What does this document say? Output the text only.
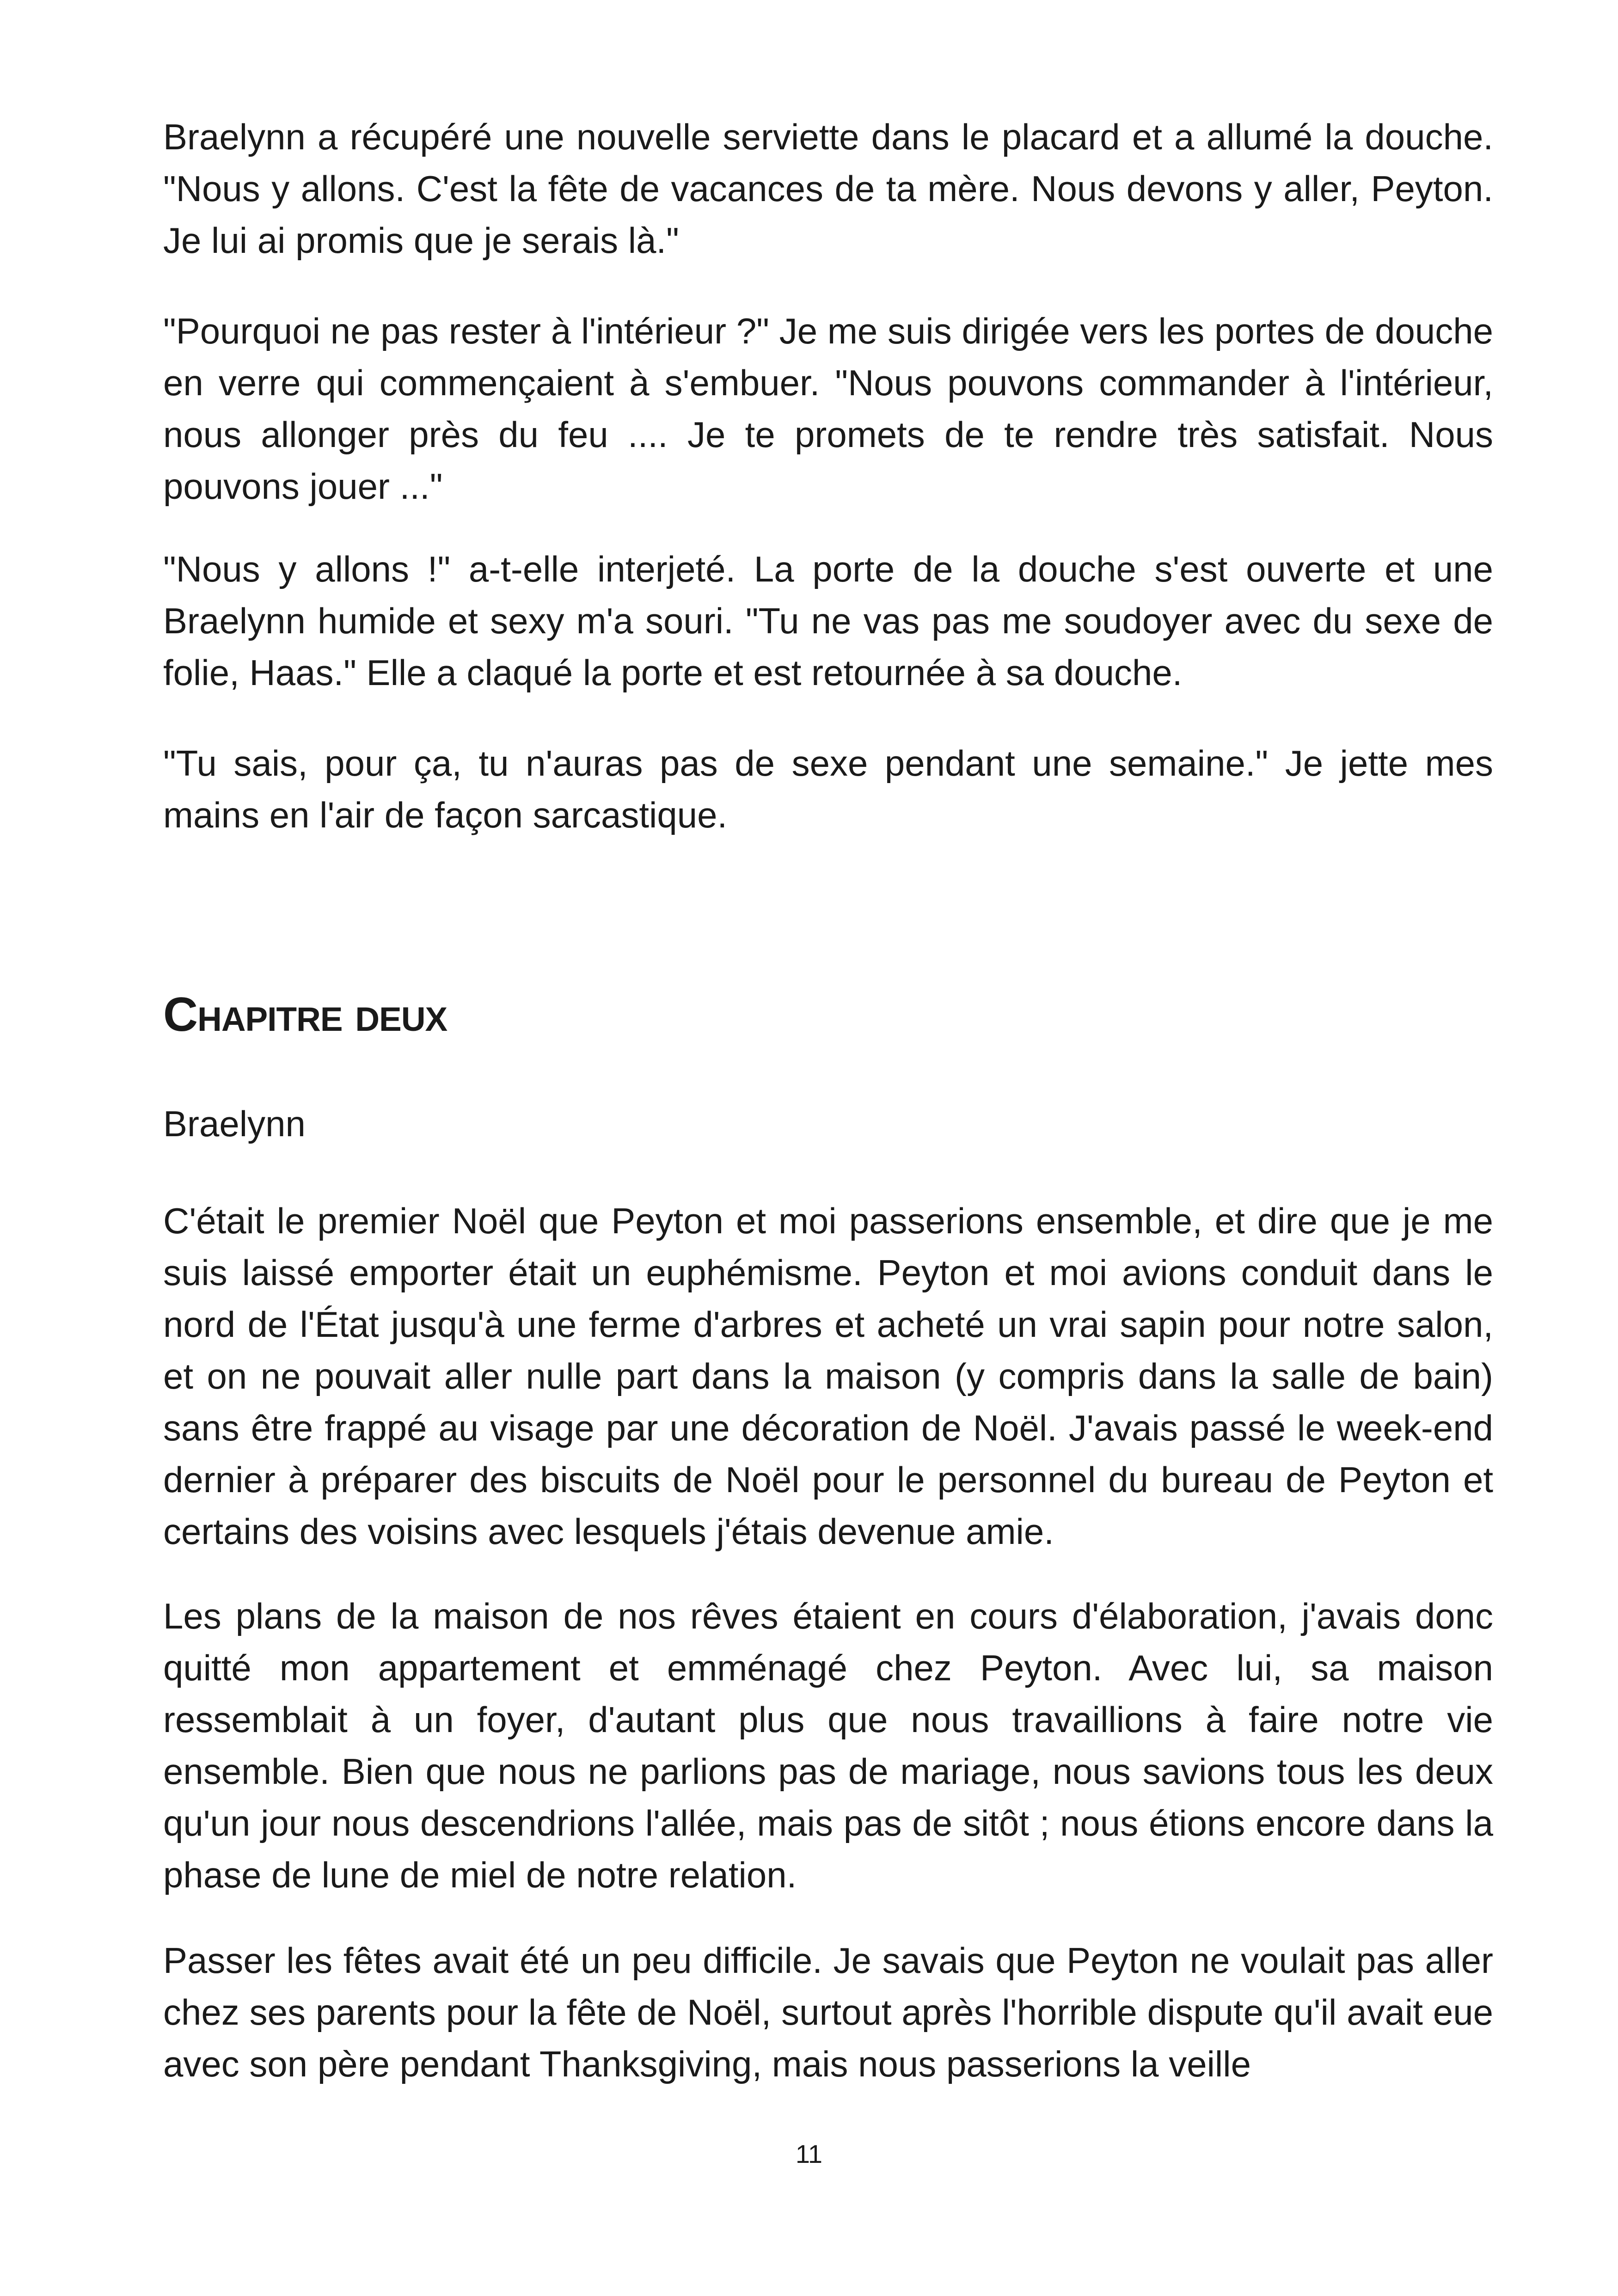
Braelynn a récupéré une nouvelle serviette dans le placard et a allumé la douche. "Nous y allons. C'est la fête de vacances de ta mère. Nous devons y aller, Peyton. Je lui ai promis que je serais là."

"Pourquoi ne pas rester à l'intérieur ?" Je me suis dirigée vers les portes de douche en verre qui commençaient à s'embuer. "Nous pouvons commander à l'intérieur, nous allonger près du feu .... Je te promets de te rendre très satisfait. Nous pouvons jouer ..."

"Nous y allons !" a-t-elle interjeté. La porte de la douche s'est ouverte et une Braelynn humide et sexy m'a souri. "Tu ne vas pas me soudoyer avec du sexe de folie, Haas." Elle a claqué la porte et est retournée à sa douche.

"Tu sais, pour ça, tu n'auras pas de sexe pendant une semaine." Je jette mes mains en l'air de façon sarcastique.

Chapitre deux

Braelynn

C'était le premier Noël que Peyton et moi passerions ensemble, et dire que je me suis laissé emporter était un euphémisme. Peyton et moi avions conduit dans le nord de l'État jusqu'à une ferme d'arbres et acheté un vrai sapin pour notre salon, et on ne pouvait aller nulle part dans la maison (y compris dans la salle de bain) sans être frappé au visage par une décoration de Noël. J'avais passé le week-end dernier à préparer des biscuits de Noël pour le personnel du bureau de Peyton et certains des voisins avec lesquels j'étais devenue amie.

Les plans de la maison de nos rêves étaient en cours d'élaboration, j'avais donc quitté mon appartement et emménagé chez Peyton. Avec lui, sa maison ressemblait à un foyer, d'autant plus que nous travaillions à faire notre vie ensemble. Bien que nous ne parlions pas de mariage, nous savions tous les deux qu'un jour nous descendrions l'allée, mais pas de sitôt ; nous étions encore dans la phase de lune de miel de notre relation.

Passer les fêtes avait été un peu difficile. Je savais que Peyton ne voulait pas aller chez ses parents pour la fête de Noël, surtout après l'horrible dispute qu'il avait eue avec son père pendant Thanksgiving, mais nous passerions la veille

11
